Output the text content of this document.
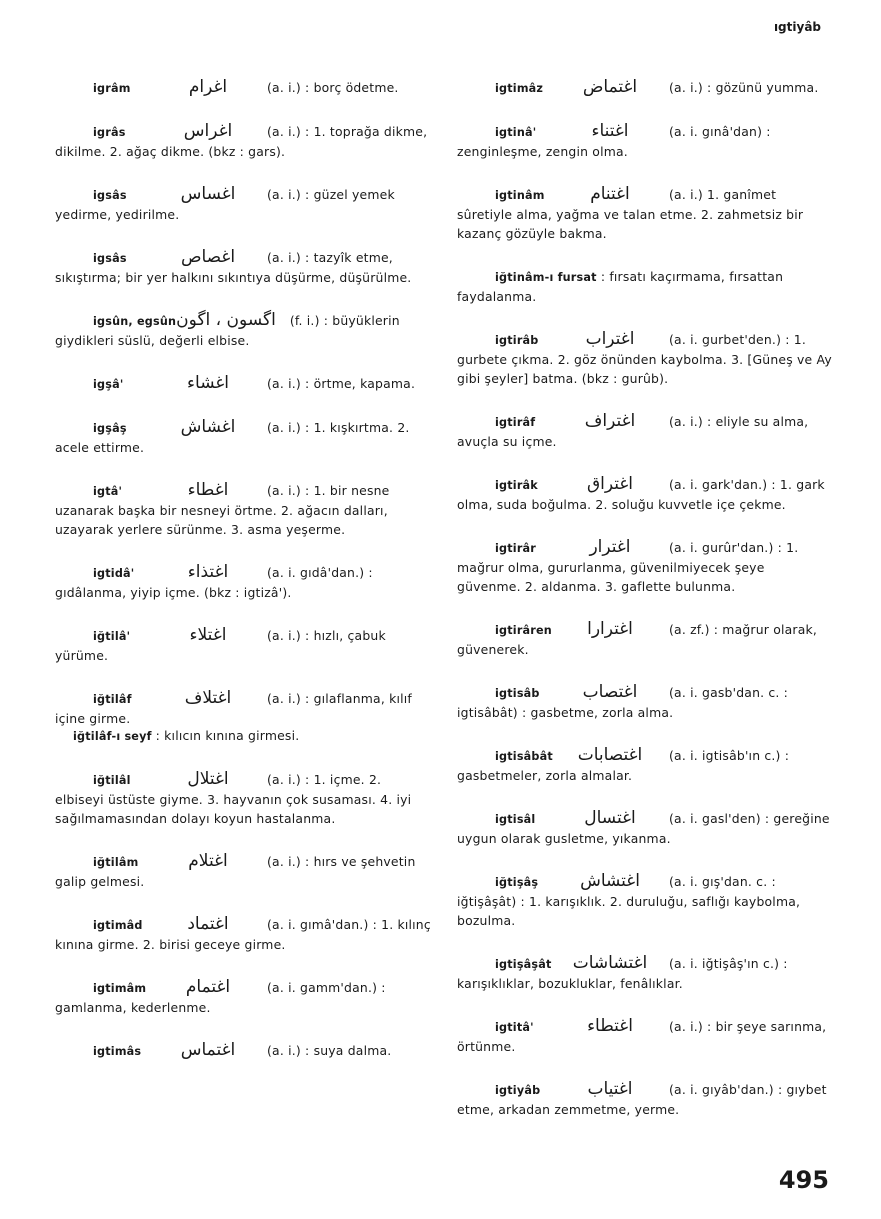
ıgtiyâb
igrâm	اغرام	(a. i.) : borç ödetme.
igrâs	اغراس	(a. i.) : 1. toprağa dikme, dikilme. 2. ağaç dikme. (bkz : gars).
igsâs	اغساس	(a. i.) : güzel yemek yedirme, yedirilme.
igsâs	اغصاص	(a. i.) : tazyîk etme, sıkıştırma; bir yer halkını sıkıntıya düşürme, düşürülme.
igsûn, egsûnاگسون ، اگون (f. i.) : büyüklerin giydikleri süslü, değerli elbise.
igşâ'	اغشاء	(a. i.) : örtme, kapama.
igşâş	اغشاش	(a. i.) : 1. kışkırtma. 2. acele ettirme.
igtâ'	اغطاء	(a. i.) : 1. bir nesne uzanarak başka bir nesneyi örtme. 2. ağacın dalları, uzayarak yerlere sürünme. 3. asma yeşerme.
igtidâ'	اغتذاء	(a. i. gıdâ'dan.) : gıdâlanma, yiyip içme. (bkz : igtizâ').
iğtilâ'	اغتلاء	(a. i.) : hızlı, çabuk yürüme.
iğtilâf	اغتلاف	(a. i.) : gılaflanma, kılıf içine girme.
iğtilâf-ı seyf : kılıcın kınına girmesi.
iğtilâl	اغتلال	(a. i.) : 1. içme. 2. elbiseyi üstüste giyme. 3. hayvanın çok susaması. 4. iyi sağılmamasından dolayı koyun hastalanma.
iğtilâm	اغتلام	(a. i.) : hırs ve şehvetin galip gelmesi.
igtimâd	اغتماد	(a. i. gımâ'dan.) : 1. kılınç kınına girme. 2. birisi geceye girme.
igtimâm اغتمام	(a. i. gamm'dan.) : gamlanma, kederlenme.
igtimâs اغتماس	(a. i.) : suya dalma.
igtimâz اغتماض	(a. i.) : gözünü yumma.
igtinâ'	اغتناء	(a. i. gınâ'dan) : zenginleşme, zengin olma.
igtinâm	اغتنام	(a. i.) 1. ganîmet sûretiyle alma, yağma ve talan etme. 2. zahmetsiz bir kazanç gözüyle bakma.
iğtinâm-ı fursat : fırsatı kaçırmama, fırsattan faydalanma.
igtirâb	اغتراب	(a. i. gurbet'den.) : 1. gurbete çıkma. 2. göz önünden kaybolma. 3. [Güneş ve Ay gibi şeyler] batma. (bkz : gurûb).
igtirâf	اغتراف	(a. i.) : eliyle su alma, avuçla su içme.
igtirâk	اغتراق	(a. i. gark'dan.) : 1. gark olma, suda boğulma. 2. soluğu kuvvetle içe çekme.
igtirâr	اغترار	(a. i. gurûr'dan.) : 1. mağrur olma, gururlanma, güvenilmiyecek şeye güvenme. 2. aldanma. 3. gaflette bulunma.
igtirâren اغترارا	(a. zf.) : mağrur olarak, güvenerek.
igtisâb	اغتصاب	(a. i. gasb'dan. c. : igtisâbât) : gasbetme, zorla alma.
igtisâbât اغتصابات (a. i. igtisâb'ın c.) : gasbetmeler, zorla almalar.
igtisâl	اغتسال	(a. i. gasl'den) : gereğine uygun olarak gusletme, yıkanma.
iğtişâş اغتشاش (a. i. gış'dan. c. : iğtişâşât) : 1. karışıklık. 2. duruluğu, saflığı kaybolma, bozulma.
igtişâşât اغتشاشات (a. i. iğtişâş'ın c.) : karışıklıklar, bozukluklar, fenâlıklar.
igtitâ'	اغتطاء	(a. i.) : bir şeye sarınma, örtünme.
igtiyâb	اغتياب	(a. i. gıyâb'dan.) : gıybet etme, arkadan zemmetme, yerme.
495
